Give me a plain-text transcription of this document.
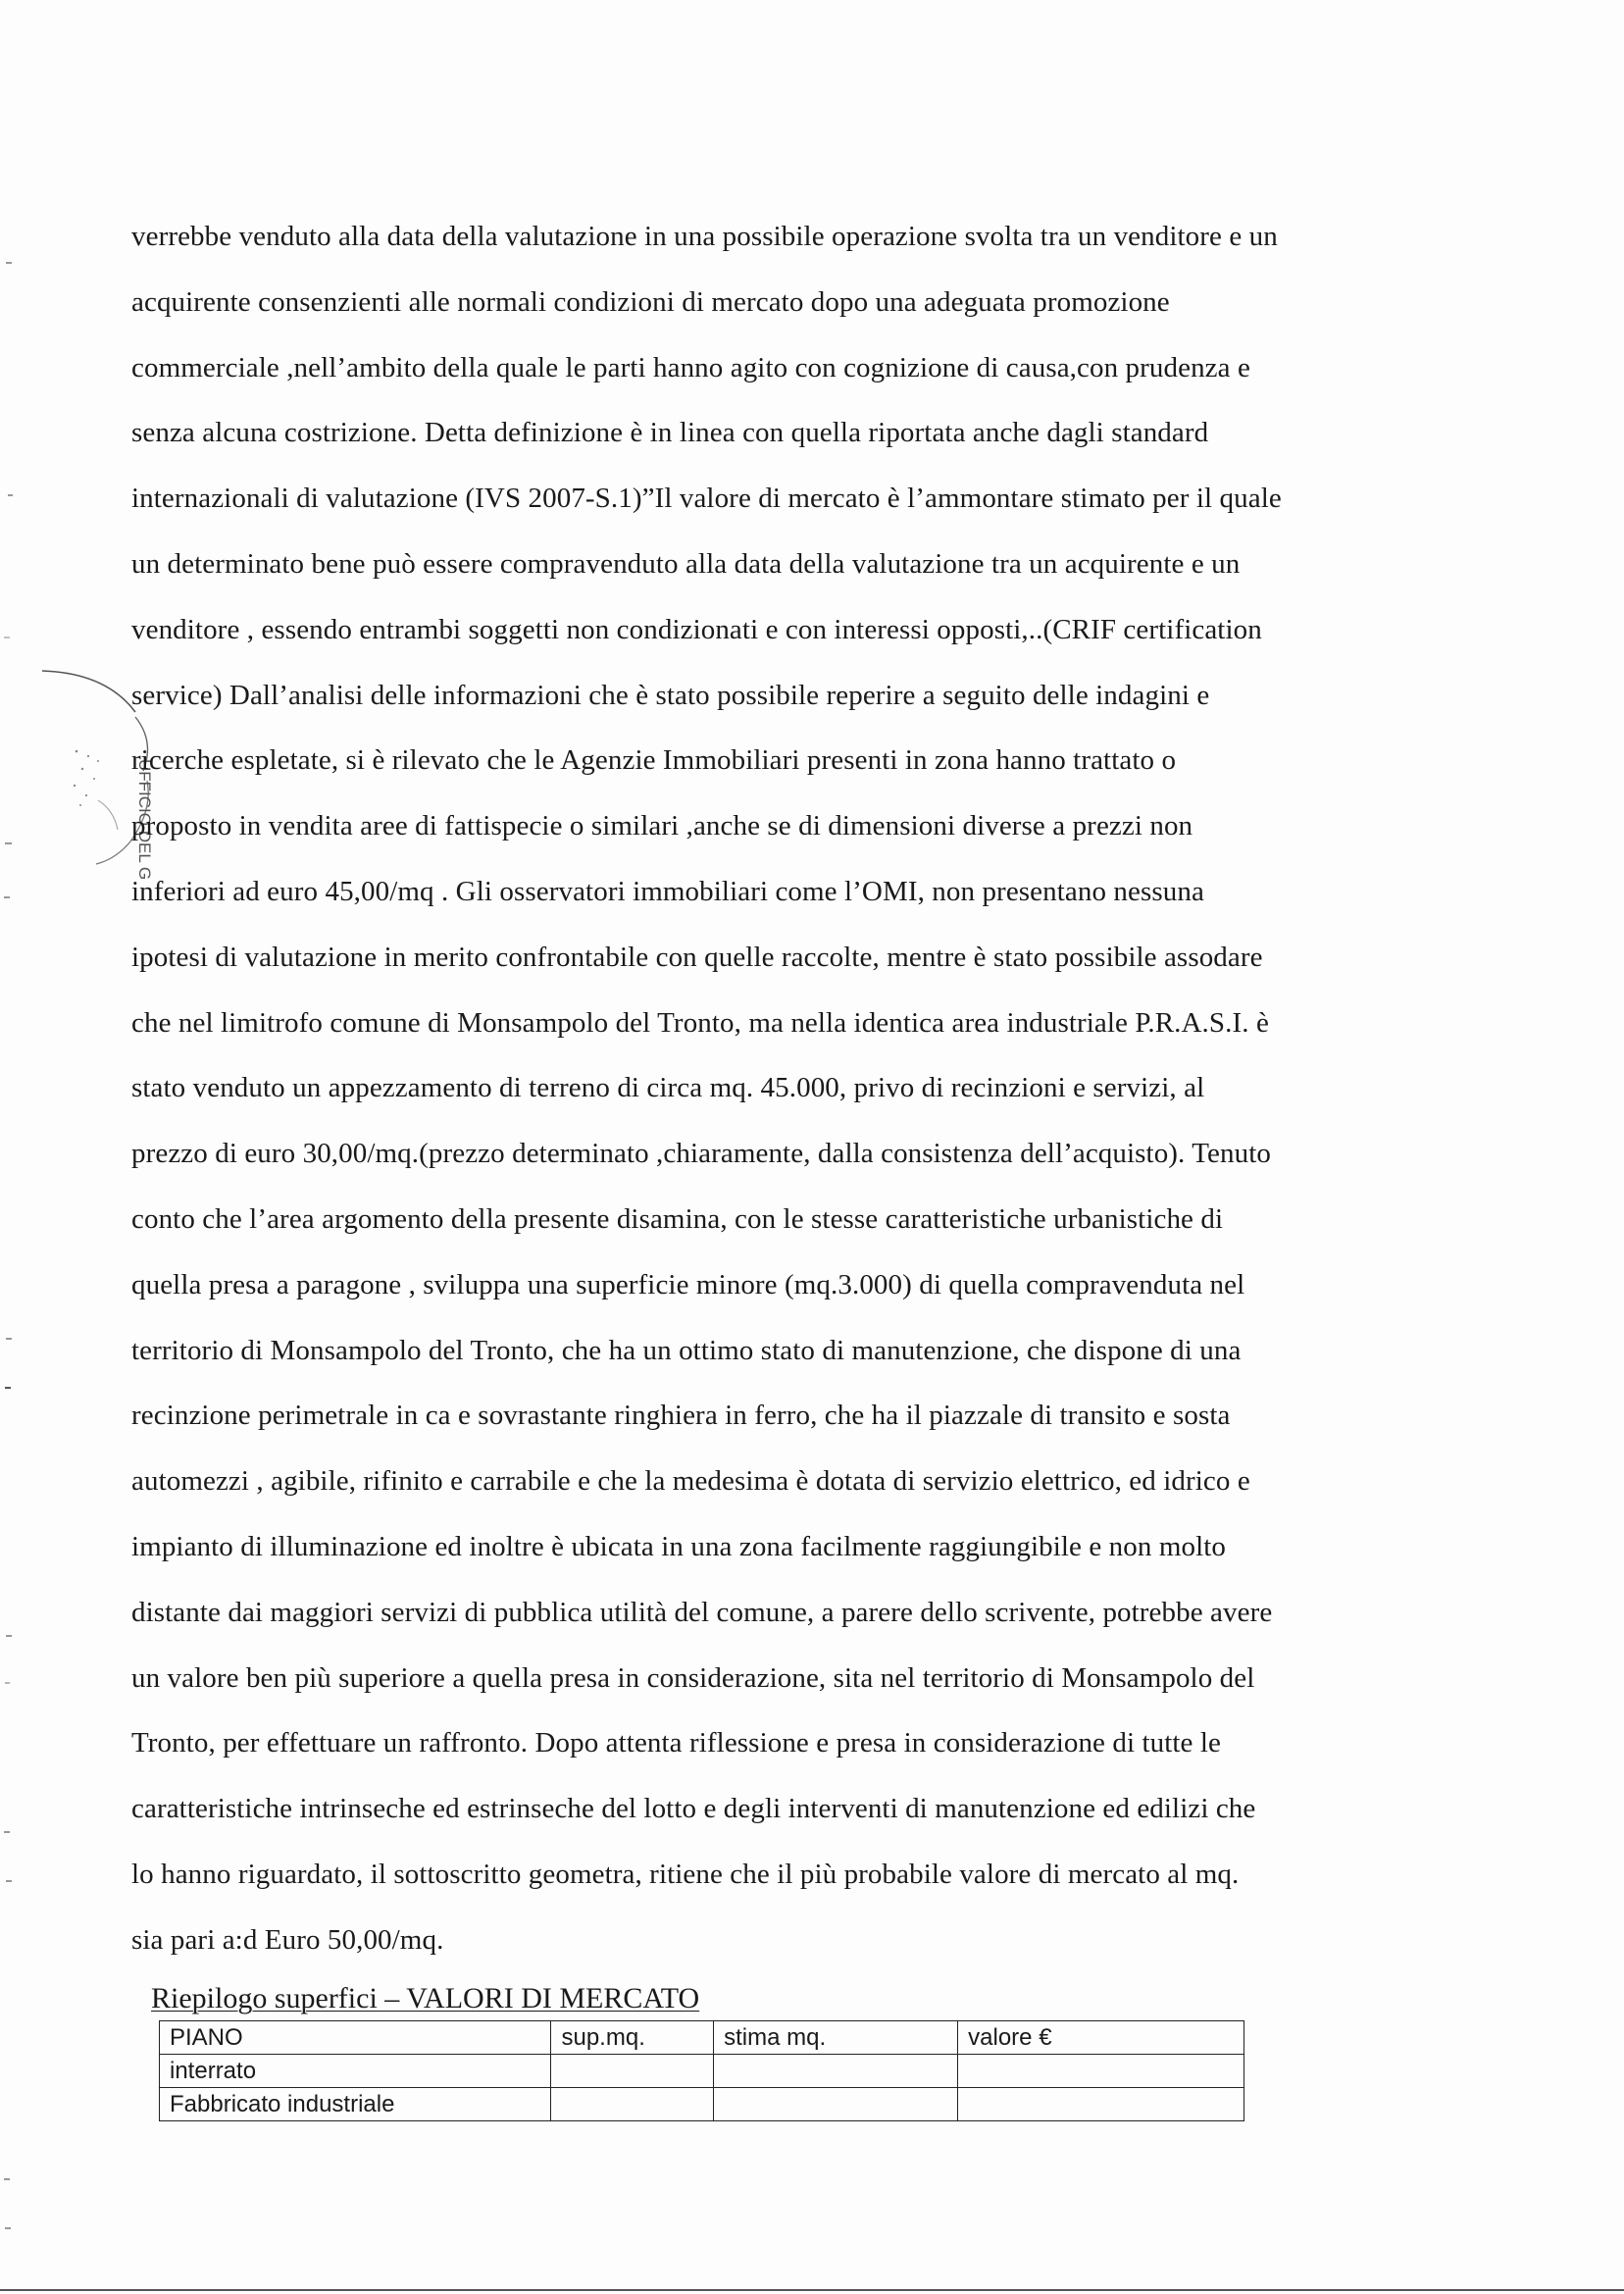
UFFICIO DEL G

verrebbe venduto alla data della valutazione in una possibile operazione svolta tra un venditore e un

acquirente consenzienti alle normali condizioni di mercato dopo una adeguata promozione

commerciale ,nell’ambito della quale le parti hanno agito con cognizione di causa,con prudenza e

senza alcuna costrizione. Detta definizione è in linea con quella riportata anche dagli standard

internazionali di valutazione (IVS 2007-S.1)”Il valore di mercato è l’ammontare stimato per il quale

un determinato bene può essere compravenduto alla data della valutazione tra un acquirente e un

venditore , essendo entrambi soggetti non condizionati e con interessi opposti,..(CRIF certification

service) Dall’analisi delle informazioni che è stato possibile reperire a seguito delle indagini e

ricerche espletate, si è rilevato che le Agenzie Immobiliari presenti in zona hanno trattato o

proposto in vendita aree di fattispecie o similari ,anche se di dimensioni diverse a prezzi non

inferiori ad euro 45,00/mq . Gli osservatori immobiliari come l’OMI, non presentano nessuna

ipotesi di valutazione in merito confrontabile con quelle raccolte, mentre è stato possibile assodare

che nel limitrofo comune di Monsampolo del Tronto, ma nella identica area industriale P.R.A.S.I. è

stato venduto un appezzamento di terreno di circa mq. 45.000, privo di recinzioni e servizi, al

prezzo di euro 30,00/mq.(prezzo determinato ,chiaramente, dalla consistenza dell’acquisto). Tenuto

conto che l’area argomento della presente disamina, con le stesse caratteristiche urbanistiche di

quella presa a paragone , sviluppa una superficie minore (mq.3.000) di quella compravenduta nel

territorio di Monsampolo del Tronto, che ha un ottimo stato di manutenzione, che dispone di una

recinzione perimetrale in ca e sovrastante ringhiera in ferro, che ha il piazzale di transito e sosta

automezzi , agibile, rifinito e carrabile e che la medesima è dotata di servizio elettrico, ed idrico e

impianto di illuminazione ed inoltre è ubicata in una zona facilmente raggiungibile e non molto

distante dai maggiori servizi di pubblica utilità del comune, a parere dello scrivente, potrebbe avere

un valore ben più superiore a quella presa in considerazione, sita nel territorio di Monsampolo del

Tronto, per effettuare un raffronto. Dopo attenta riflessione e presa in considerazione di tutte le

caratteristiche intrinseche ed estrinseche del lotto e degli interventi di manutenzione ed edilizi che

lo hanno riguardato, il sottoscritto geometra, ritiene che il più probabile valore di mercato al mq.

sia pari a:d Euro 50,00/mq.

Riepilogo superfici – VALORI DI MERCATO
PIANO	sup.mq.	stima mq.	valore €
interrato			
Fabbricato industriale			
